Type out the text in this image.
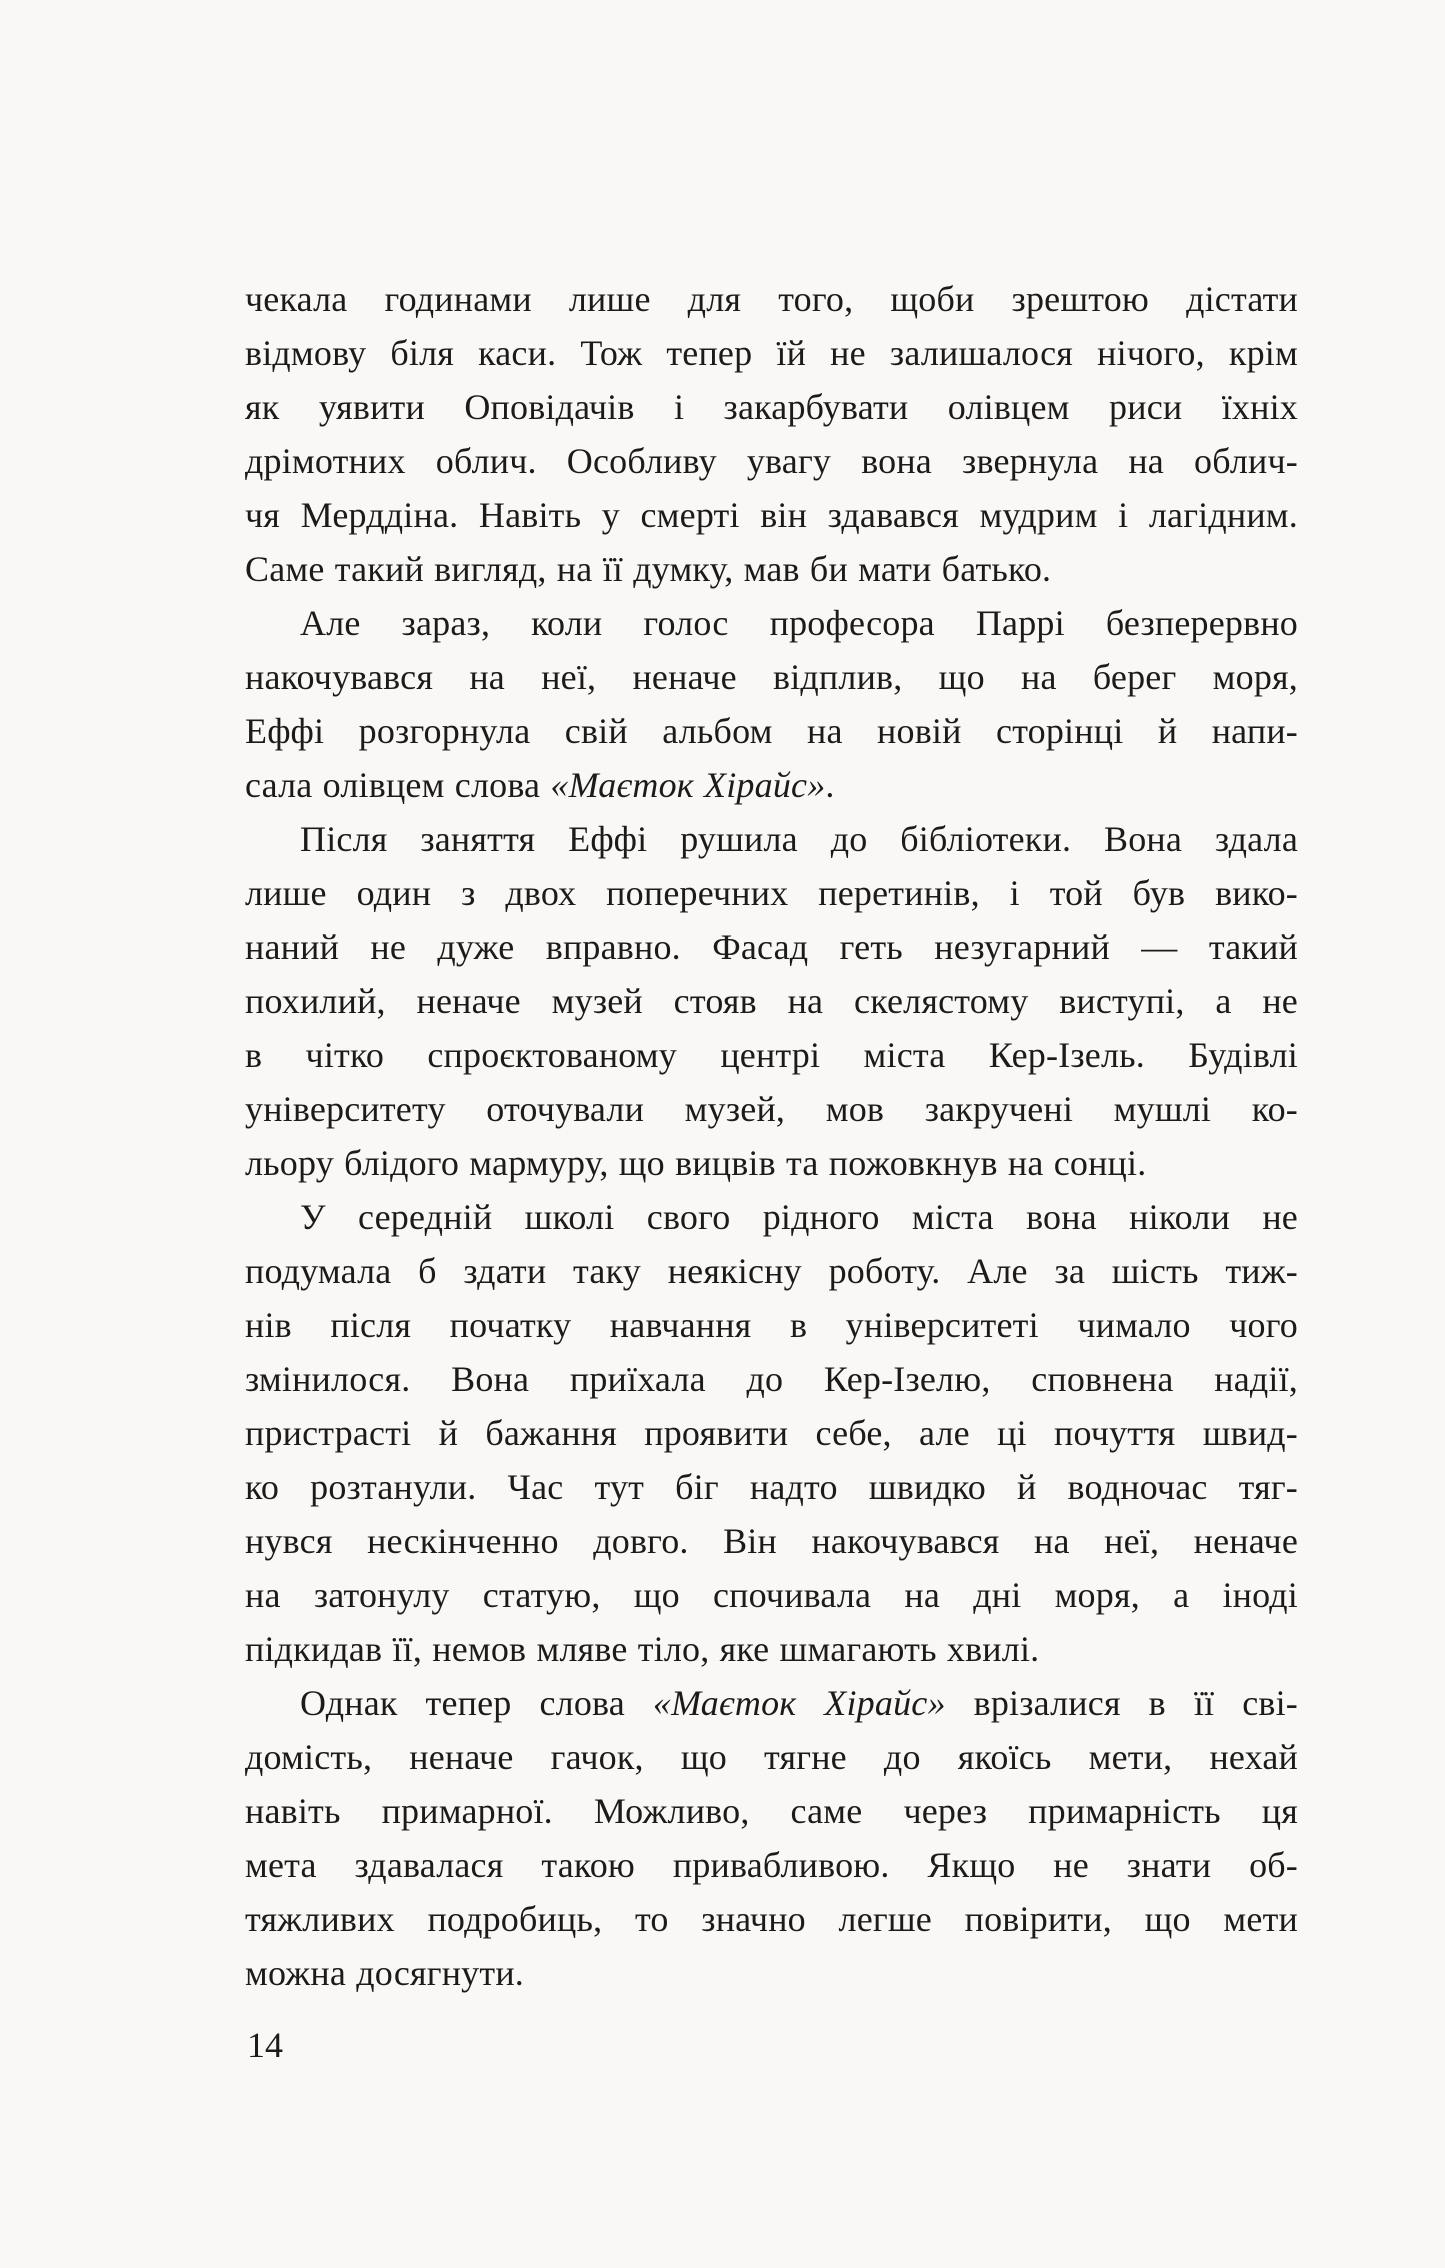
чекала годинами лише для того, щоби зрештою дістати
відмову біля каси. Тож тепер їй не залишалося нічого, крім
як уявити Оповідачів і закарбувати олівцем риси їхніх
дрімотних облич. Особливу увагу вона звернула на облич-
чя Мерддіна. Навіть у смерті він здавався мудрим і лагідним.
Саме такий вигляд, на її думку, мав би мати батько.
Але зараз, коли голос професора Паррі безперервно
накочувався на неї, неначе відплив, що на берег моря,
Еффі розгорнула свій альбом на новій сторінці й напи-
сала олівцем слова «Маєток Хірайс».
Після заняття Еффі рушила до бібліотеки. Вона здала
лише один з двох поперечних перетинів, і той був вико-
наний не дуже вправно. Фасад геть незугарний — такий
похилий, неначе музей стояв на скелястому виступі, а не
в чітко спроєктованому центрі міста Кер-Ізель. Будівлі
університету оточували музей, мов закручені мушлі ко-
льору блідого мармуру, що вицвів та пожовкнув на сонці.
У середній школі свого рідного міста вона ніколи не
подумала б здати таку неякісну роботу. Але за шість тиж-
нів після початку навчання в університеті чимало чого
змінилося. Вона приїхала до Кер-Ізелю, сповнена надії,
пристрасті й бажання проявити себе, але ці почуття швид-
ко розтанули. Час тут біг надто швидко й водночас тяг-
нувся нескінченно довго. Він накочувався на неї, неначе
на затонулу статую, що спочивала на дні моря, а іноді
підкидав її, немов мляве тіло, яке шмагають хвилі.
Однак тепер слова «Маєток Хірайс» врізалися в її сві-
домість, неначе гачок, що тягне до якоїсь мети, нехай
навіть примарної. Можливо, саме через примарність ця
мета здавалася такою привабливою. Якщо не знати об-
тяжливих подробиць, то значно легше повірити, що мети
можна досягнути.
14
